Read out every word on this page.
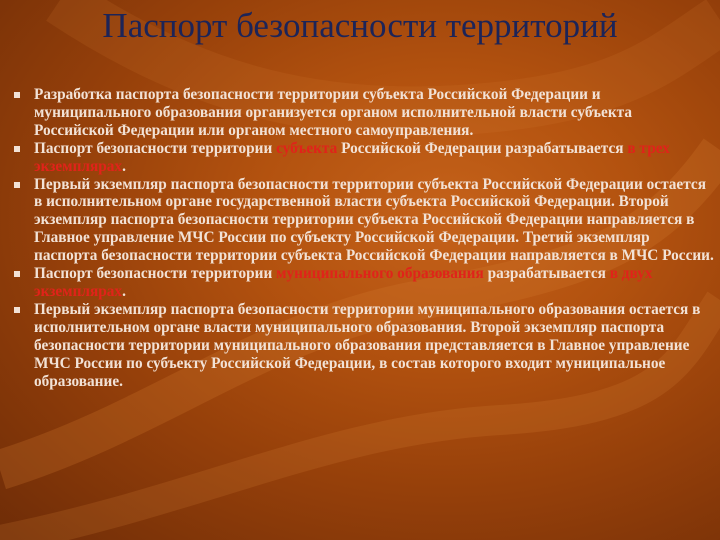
Паспорт безопасности территорий
Разработка паспорта безопасности территории субъекта Российской Федерации и муниципального образования организуется органом исполнительной власти субъекта Российской Федерации или органом местного самоуправления.
Паспорт безопасности территории субъекта Российской Федерации разрабатывается в трех экземплярах.
Первый экземпляр паспорта безопасности территории субъекта Российской Федерации остается в исполнительном органе государственной власти субъекта Российской Федерации. Второй экземпляр паспорта безопасности территории субъекта Российской Федерации направляется в Главное управление МЧС России по субъекту Российской Федерации. Третий экземпляр паспорта безопасности территории субъекта Российской Федерации направляется в МЧС России.
Паспорт безопасности территории муниципального образования разрабатывается в двух экземплярах.
Первый экземпляр паспорта безопасности территории муниципального образования остается в исполнительном органе власти муниципального образования. Второй экземпляр паспорта безопасности территории муниципального образования представляется в Главное управление МЧС России по субъекту Российской Федерации, в состав которого входит муниципальное образование.
